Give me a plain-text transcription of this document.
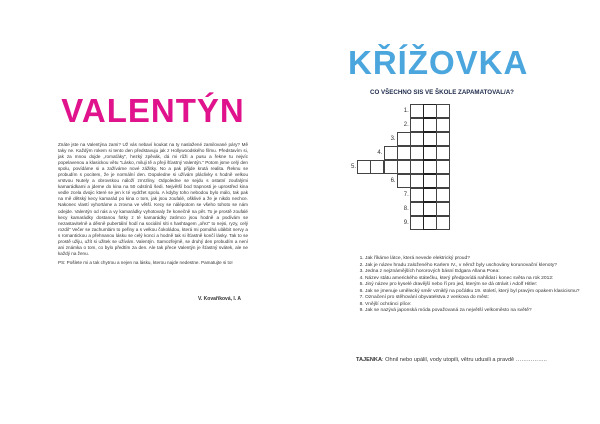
VALENTÝN

Znáte jste na Valentýna zami? Už vás nebaví koukat na ty naslažené zamilované páry? Mě taky ne. Každým rokem si tento den představuju jak z Hollywoodského filmu. Představím si, jak za mnou dojde „romaťáky", hezký zpěvák, dá mi růži a pusu a řekne tu nejvíc popelavenou a klasickou větu "Lásko, miluji tě a přeji šťastný Valentýn." Potom jsme celý den spolu, povídáme si a zažíváme nové zážitky. No a pak přijde krutá realita. Řeknu se probudím s pocitem, že je normální den. Dopoledne si užívám pláclivky s hodně velkou vrstvou Nutely a obrovskou náloží zmrzliny. Odpoledne se sejdu s ostatní zoufalými kamarádkami a jdeme do kina na 50 odstínů šedi. Největší bod trapnosti je uprostřed kina vedle zcela dvojic které se jen k té vydržet spolu. A kdyby toho nebodou bylo málo, tak pak na mě dětský kecy kamarád po kina o tom, jak jsou zoufalé, ošklivé a že je nikdo nechce. Nakonec vlastí vyhortáme a zrovna ve větší. Kecy se nálépotom se všeho tohoto se nám odejde. Valentýn od nás a vy kamarádky vyhotovaly že konečně na pět. To je prostě zoufalé kecy kamarádky dostanou fotky z té kamarádky zatímco jsou hodně a podívám se nezastavitelně a děsně pubertální hodí na sociální síti s hashtagem „ořez“ to nejsi, ryzy, celý rozdil" Večer se zachumlám to peřiny a s velkou čokoládou, která mi pomáhá ulákbit nervy a s romantickou a přehnanou lásku se celý konci a hodně tak si šťastně končí lásky. Tak to se prostě užiju, užít si užitek se užívám. Valentýn. Samozřejmě, se druhý den probudím a není ani známka o tom, co bylo předtím za den. Ale tak přece Valentýn je šťastný svátek, ale ne každý na ženu.

PS: Pošlete mi a tak chytrou a nejen na lásku, kterou najde nedestne. Pamatujte si to!

V. Kovaříková, I. A
KŘÍŽOVKA
CO VŠECHNO SIS VE ŠKOLE ZAPAMATOVAL/A?
1.
2.
3.
4.
5.
6.
7.
8.
9.
1. Jak říkáme látce, která nevede elektrický proud?
2. Jak je název hradu založeného Karlem IV., v němž byly uschovány korunovační klenoty?
3. Jedna z nejznámějších hororových básní Edgara Allana Poea:
4. Název státu amerického státečku, který předpovídá nahlídat i konec světa na rok 2012:
5. Jiný název pro kyselé dravější nebo ří pro jed, kterým se dá otrávit i Adolf Hitler:
6. Jak se jmenuje umělecký směr vzniklý na počátku 19. století, který byl pravým opakem klasicismu?
7. Označení pro stěhování obyvatelstva z venkova do měst:
8. Vnější ochránci plíce:
9. Jak se nazývá japonská móda považovaná za největší velkoměsto na světě?
TAJENKA: Ohnil nebo upálil, vody utopili, větru udusili a pravdě ……………..
